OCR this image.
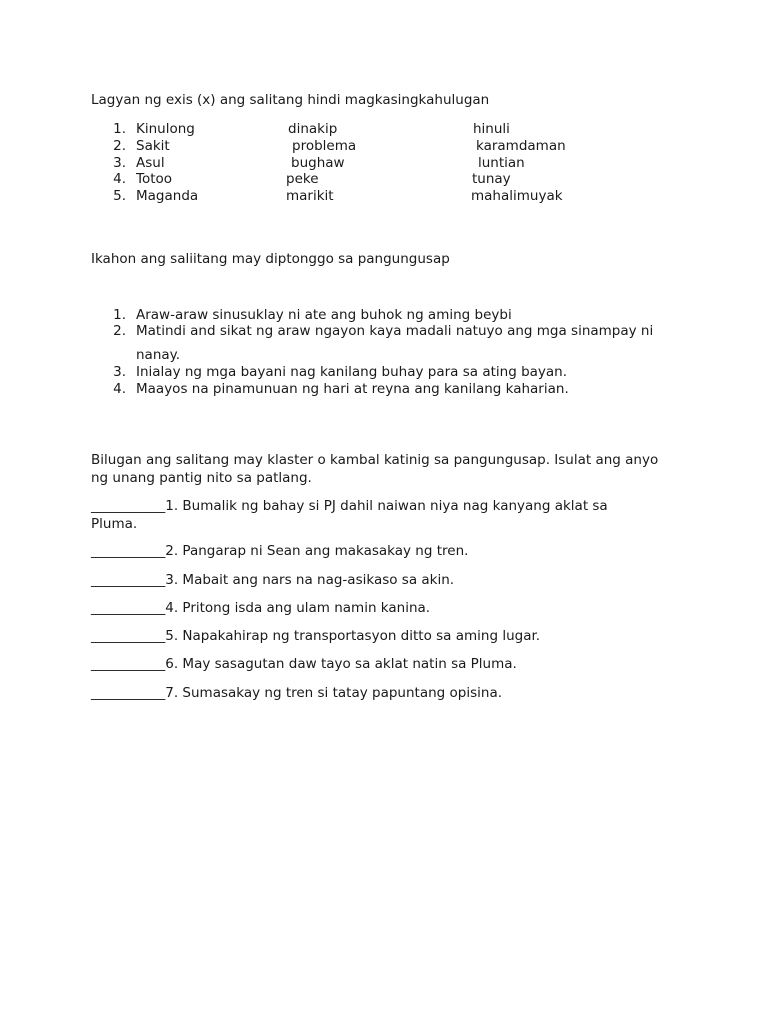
Lagyan ng exis (x) ang salitang hindi magkasingkahulugan
1. Kinulong	dinakip	hinuli
2. Sakit	problema	karamdaman
3. Asul	bughaw	luntian
4. Totoo	peke	tunay
5. Maganda	marikit	mahalimuyak
Ikahon ang saliitang may diptonggo sa pangungusap
1. Araw-araw sinusuklay ni ate ang buhok ng aming beybi
2. Matindi and sikat ng araw ngayon kaya madali natuyo ang mga sinampay ni
nanay.
3. Inialay ng mga bayani nag kanilang buhay para sa ating bayan.
4. Maayos na pinamunuan ng hari at reyna ang kanilang kaharian.
Bilugan ang salitang may klaster o kambal katinig sa pangungusap. Isulat ang anyo
ng unang pantig nito sa patlang.
___________1. Bumalik ng bahay si PJ dahil naiwan niya nag kanyang aklat sa
Pluma.
___________2. Pangarap ni Sean ang makasakay ng tren.
___________3. Mabait ang nars na nag-asikaso sa akin.
___________4. Pritong isda ang ulam namin kanina.
___________5. Napakahirap ng transportasyon ditto sa aming lugar.
___________6. May sasagutan daw tayo sa aklat natin sa Pluma.
___________7. Sumasakay ng tren si tatay papuntang opisina.
